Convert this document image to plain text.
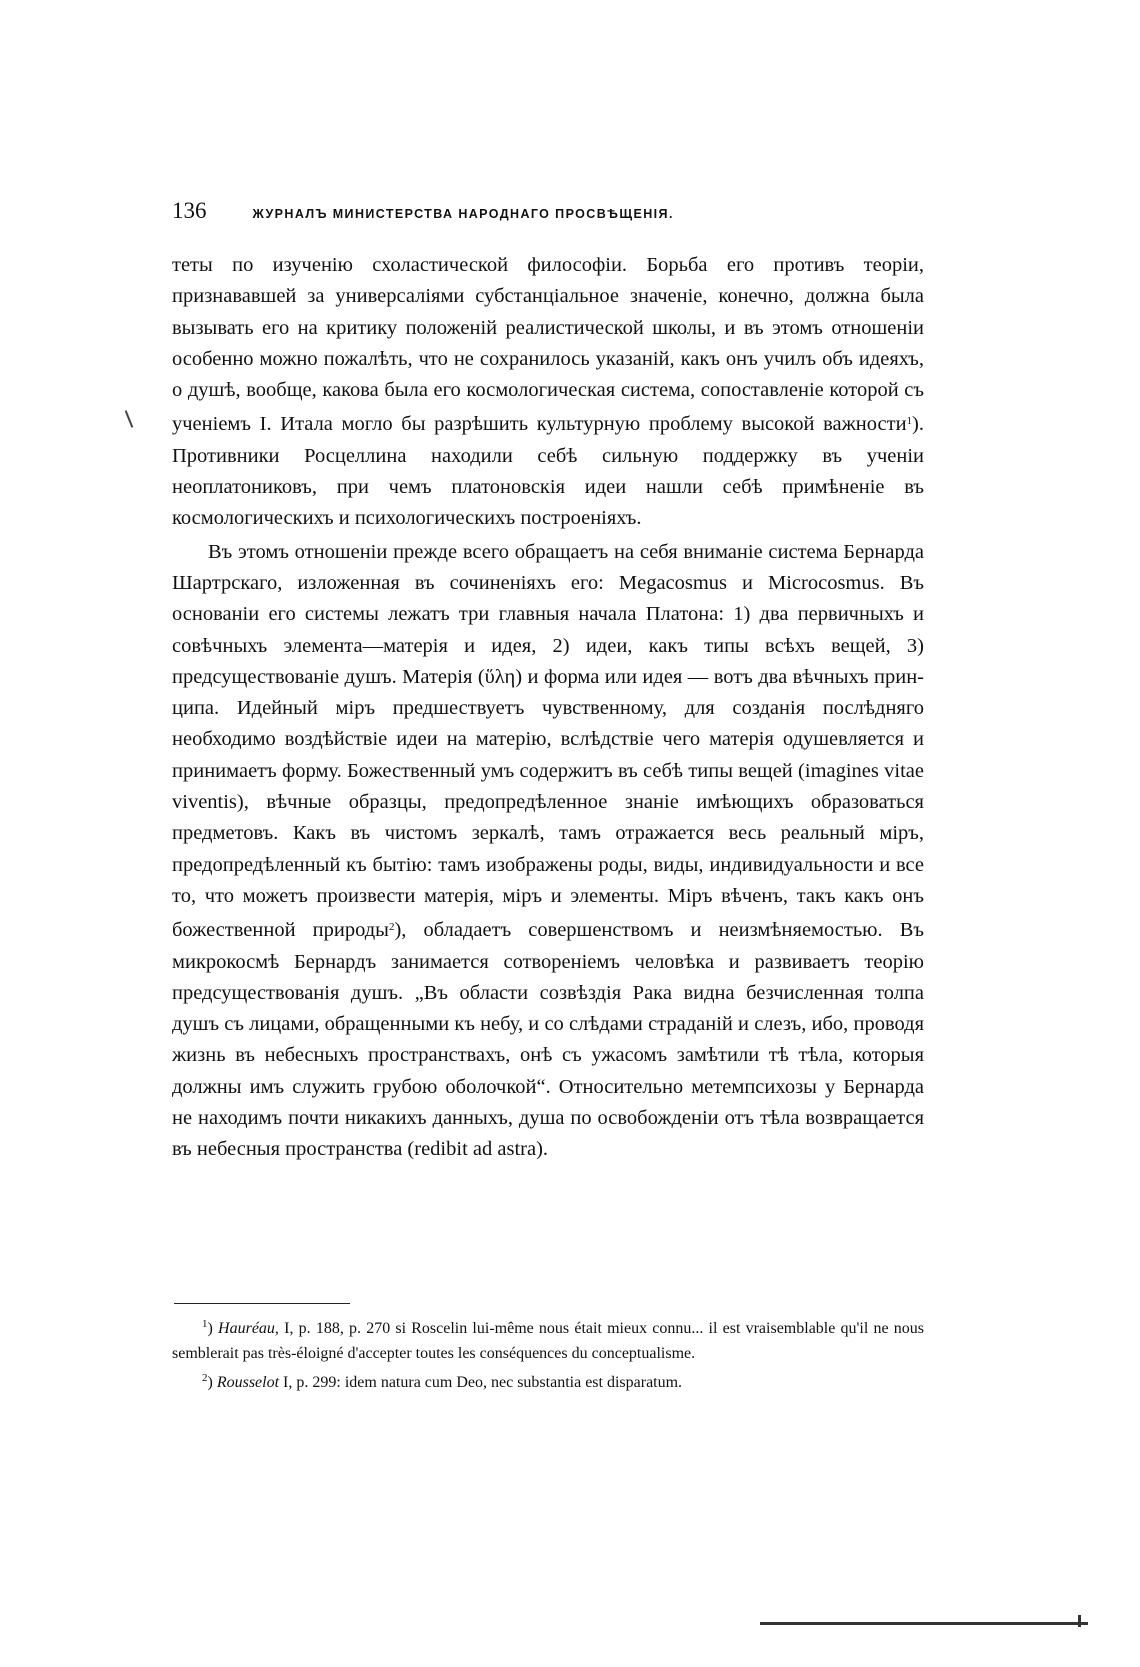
136	ЖУРНАЛЪ МИНИСТЕРСТВА НАРОДНАГО ПРОСВѢЩЕНІЯ.

теты по изученію схоластической философіи. Борьба его противъ теоріи, признававшей за универсаліями субстанціальное значеніе, конечно, должна была вызывать его на критику положеній реалистической школы, и въ этомъ отношеніи особенно можно пожалѣть, что не сохранилось указаній, какъ онъ училъ объ идеяхъ, о душѣ, вообще, какова была его космологическая система, сопоставленіе которой съ ученіемъ I. Итала могло бы разрѣшить культурную проблему высокой важности$^1$). Противники Росцеллина находили себѣ сильную поддержку въ ученіи неоплатониковъ, при чемъ платоновскія идеи нашли себѣ примѣненіе въ космологическихъ и психологическихъ построеніяхъ.

Въ этомъ отношеніи прежде всего обращаетъ на себя вниманіе система Бернарда Шартрскаго, изложенная въ сочиненіяхъ его: Megacosmus и Microcosmus. Въ основаніи его системы лежатъ три главныя начала Платона: 1) два первичныхъ и совѣчныхъ элемента—матерія и идея, 2) идеи, какъ типы всѣхъ вещей, 3) предсуществованіе душъ. Матерія (ὕλη) и форма или идея — вотъ два вѣчныхъ принципа. Идейный міръ предшествуетъ чувственному, для созданія послѣдняго необходимо воздѣйствіе идеи на матерію, вслѣдствіе чего матерія одушевляется и принимаетъ форму. Божественный умъ содержитъ въ себѣ типы вещей (imagines vitae viventis), вѣчные образцы, предопредѣленное знаніе имѣющихъ образоваться предметовъ. Какъ въ чистомъ зеркалѣ, тамъ отражается весь реальный міръ, предопредѣленный къ бытію: тамъ изображены роды, виды, индивидуальности и все то, что можетъ произвести матерія, міръ и элементы. Міръ вѣченъ, такъ какъ онъ божественной природы$^2$), обладаетъ совершенствомъ и неизмѣняемостью. Въ микрокосмѣ Бернардъ занимается сотвореніемъ человѣка и развиваетъ теорію предсуществованія душъ. „Въ области созвѣздія Рака видна безчисленная толпа душъ съ лицами, обращенными къ небу, и со слѣдами страданій и слезъ, ибо, проводя жизнь въ небесныхъ пространствахъ, онѣ съ ужасомъ замѣтили тѣ тѣла, которыя должны имъ служить грубою оболочкой“. Относительно метемпсихозы у Бернарда не находимъ почти никакихъ данныхъ, душа по освобожденіи отъ тѣла возвращается въ небесныя пространства (redibit ad astra).

$^1$) Hauréau, I, p. 188, p. 270 si Roscelin lui-même nous était mieux connu... il est vraisemblable qu'il ne nous semblerait pas très-éloigné d'accepter toutes les conséquences du conceptualisme.

$^2$) Rousselot I, p. 299: idem natura cum Deo, nec substantia est disparatum.
